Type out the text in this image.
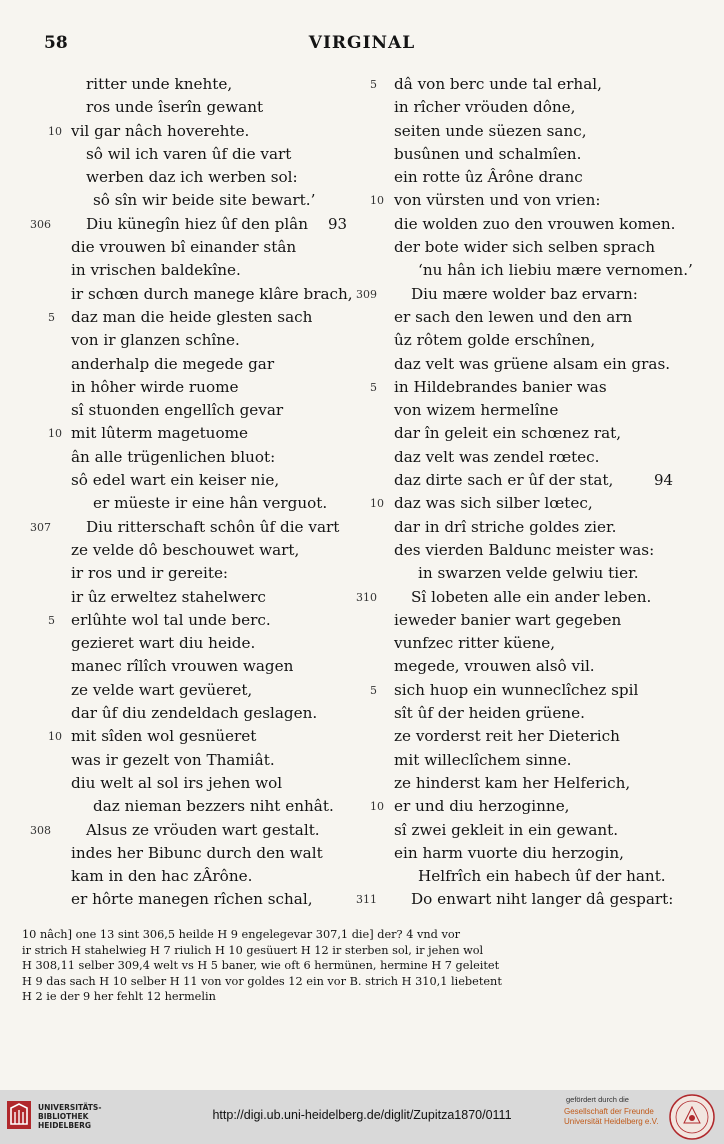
58	VIRGINAL
ritter unde knehte,
ros unde îserîn gewant
10 vil gar nâch hoverehte.
sô wil ich varen ûf die vart
werben daz ich werben sol:
sô sîn wir beide site bewart.’
306	Diu künegîn hiez ûf den plân 93
die vrouwen bî einander stân
in vrischen baldekîne.
ir schœn durch manege klâre brach,
5	daz man die heide glesten sach
von ir glanzen schîne.
anderhalp die megede gar
in hôher wirde ruome
sî stuonden engellîch gevar
10 mit lûterm magetuome
ân alle trügenlichen bluot:
sô edel wart ein keiser nie,
er müeste ir eine hân verguot.
307	Diu ritterschaft schôn ûf die vart
ze velde dô beschouwet wart,
ir ros und ir gereite:
ir ûz erweltez stahelwerc
5	erlûhte wol tal unde berc.
gezieret wart diu heide.
manec rîlîch vrouwen wagen
ze velde wart gevüeret,
dar ûf diu zendeldach geslagen.
10 mit sîden wol gesnüeret
was ir gezelt von Thamiât.
diu welt al sol irs jehen wol
daz nieman bezzers niht enhât.
308	Alsus ze vröuden wart gestalt.
indes her Bibunc durch den walt
kam in den hac zÂrône.
er hôrte manegen rîchen schal,
5	dâ von berc unde tal erhal,
in rîcher vröuden dône,
seiten unde süezen sanc,
busûnen und schalmîen.
ein rotte ûz Ârône dranc
10 von vürsten und von vrien:
die wolden zuo den vrouwen komen.
der bote wider sich selben sprach
‘nu hân ich liebiu mære vernomen.’
309	Diu mære wolder baz ervarn:
er sach den lewen und den arn
ûz rôtem golde erschînen,
daz velt was grüene alsam ein gras.
5	in Hildebrandes banier was
von wizem hermelîne
dar în geleit ein schœnez rat,
daz velt was zendel rœtec.
daz dirte sach er ûf der stat,	94
10 daz was sich silber lœtec,
dar in drî striche goldes zier.
des vierden Baldunc meister was:
in swarzen velde gelwiu tier.
310	Sî lobeten alle ein ander leben.
ieweder banier wart gegeben
vunfzec ritter küene,
megede, vrouwen alsô vil.
5	sich huop ein wunneclîchez spil
sît ûf der heiden grüene.
ze vorderst reit her Dieterich
mit willeclîchem sinne.
ze hinderst kam her Helferich,
10 er und diu herzoginne,
sî zwei gekleit in ein gewant.
ein harm vuorte diu herzogin,
Helfrîch ein habech ûf der hant.
311	Do enwart niht langer dâ gespart:
10 nâch] one 13 sint 306,5 heilde H 9 engelegevar 307,1 die] der? 4 vnd vor
ir strich H stahelwieg H 7 riulich H 10 gesüuert H 12 ir sterben sol, ir jehen wol
H 308,11 selber 309,4 welt vs H 5 baner, wie oft 6 hermünen, hermine H 7 geleitet
H 9 das sach H 10 selber H 11 von vor goldes 12 ein vor B. strich H 310,1 liebetent
H 2 ie der 9 her fehlt 12 hermelin
UNIVERSITÄTS-
BIBLIOTHEK
HEIDELBERG
http://digi.ub.uni-heidelberg.de/diglit/Zupitza1870/0111
gefördert durch die
Gesellschaft der Freunde
Universität Heidelberg e.V.
